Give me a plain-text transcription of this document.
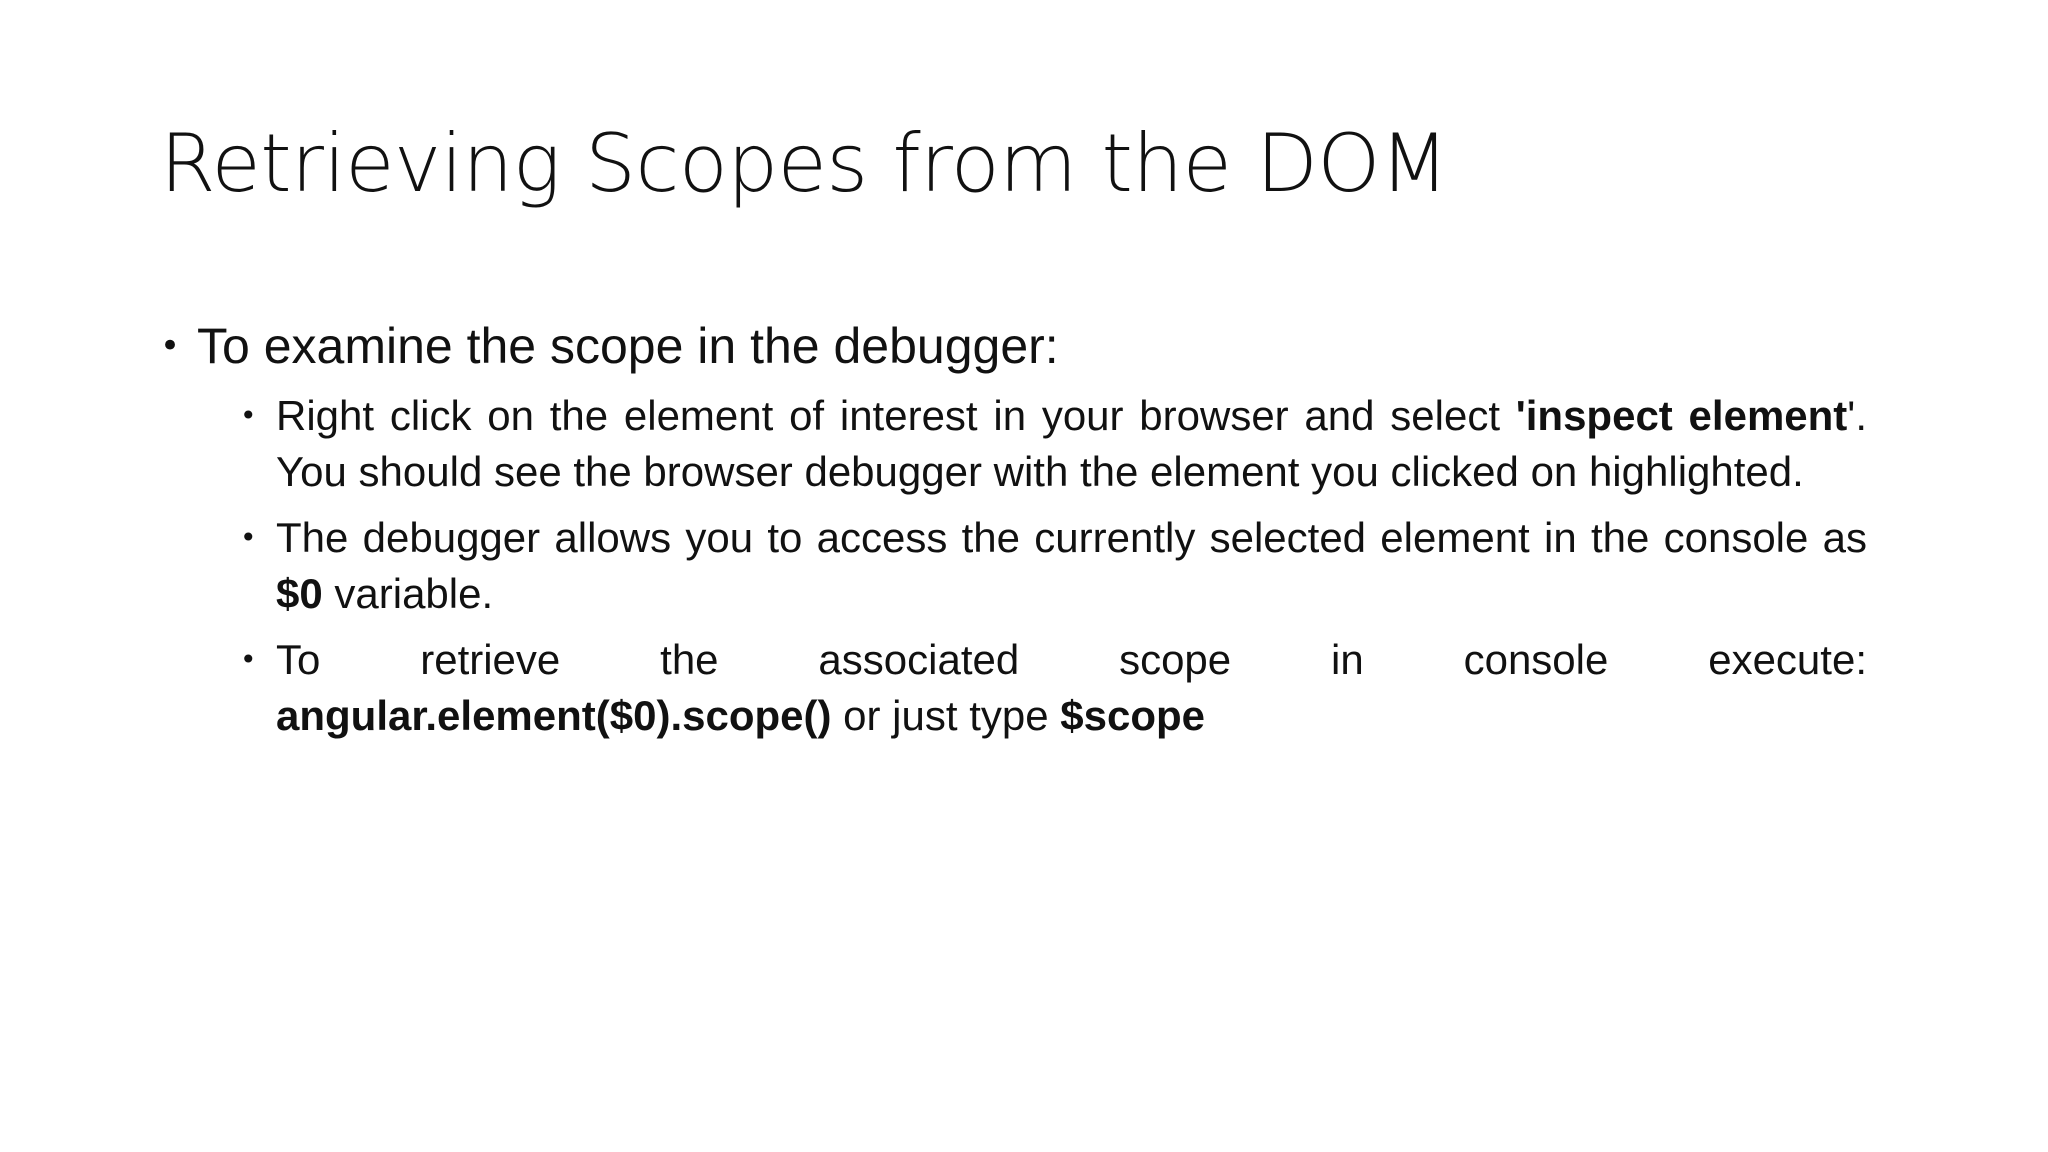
Retrieving Scopes from the DOM
• To examine the scope in the debugger:
• Right click on the element of interest in your browser and select 'inspect element'. You should see the browser debugger with the element you clicked on highlighted.
• The debugger allows you to access the currently selected element in the console as $0 variable.
• To retrieve the associated scope in console execute:
angular.element($0).scope() or just type $scope
